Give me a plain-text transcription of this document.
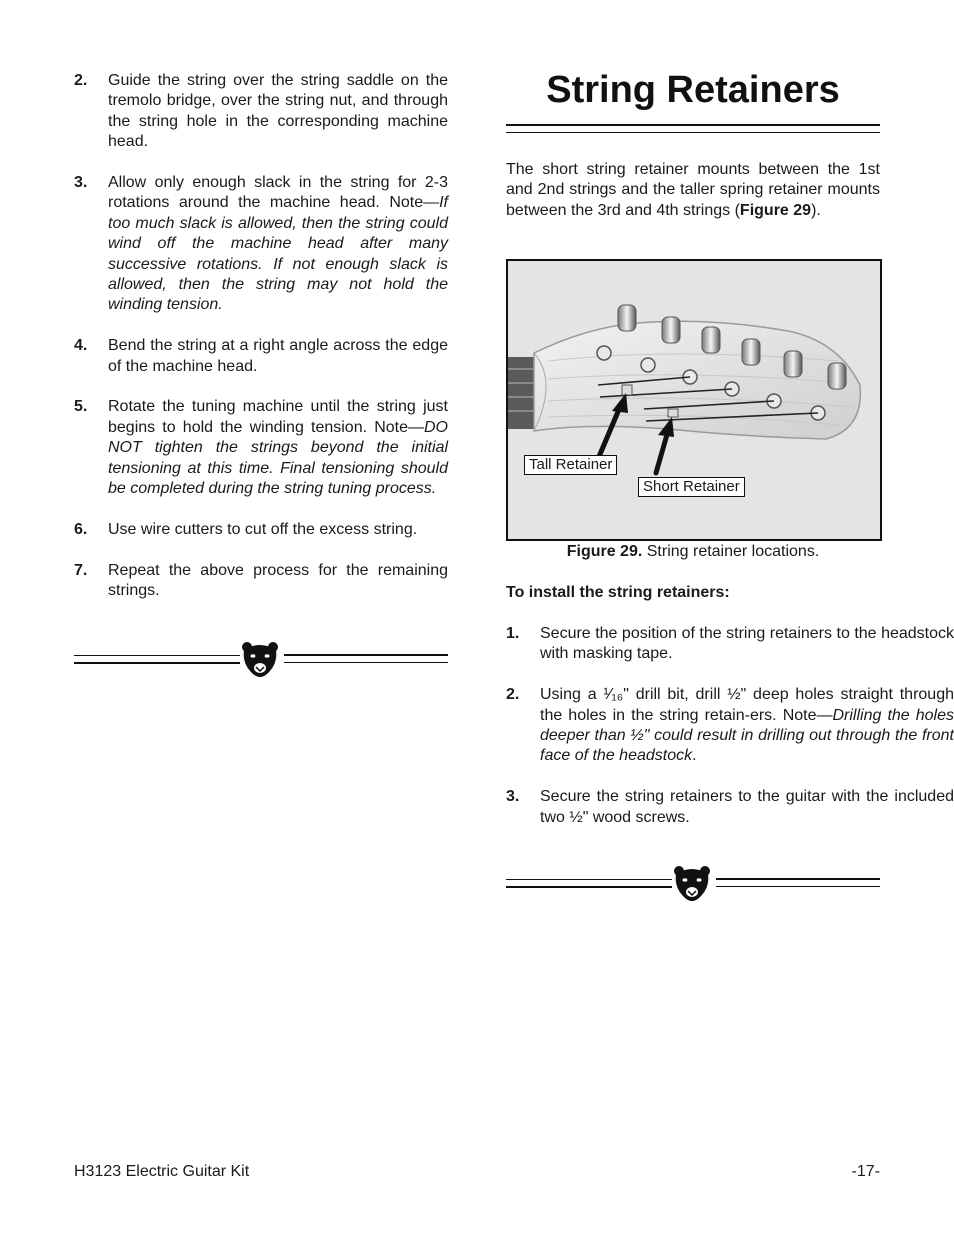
2.	Guide the string over the string saddle on the tremolo bridge, over the string nut, and through the string hole in the corresponding machine head.
3.	Allow only enough slack in the string for 2-3 rotations around the machine head. Note—If too much slack is allowed, then the string could wind off the machine head after many successive rotations. If not enough slack is allowed, then the string may not hold the winding tension.
4.	Bend the string at a right angle across the edge of the machine head.
5.	Rotate the tuning machine until the string just begins to hold the winding tension. Note—DO NOT tighten the strings beyond the initial tensioning at this time. Final tensioning should be completed during the string tuning process.
6.	Use wire cutters to cut off the excess string.
7.	Repeat the above process for the remaining strings.
String Retainers

The short string retainer mounts between the 1st and 2nd strings and the taller spring retainer mounts between the 3rd and 4th strings (Figure 29).

Tall Retainer
Short Retainer
Figure 29. String retainer locations.
To install the string retainers:
1.	Secure the position of the string retainers to the headstock with masking tape.
2.	Using a ¹⁄₁₆" drill bit, drill ½" deep holes straight through the holes in the string retain-ers. Note—Drilling the holes deeper than ½" could result in drilling out through the front face of the headstock.
3.	Secure the string retainers to the guitar with the included two ½" wood screws.
H3123 Electric Guitar Kit	-17-
